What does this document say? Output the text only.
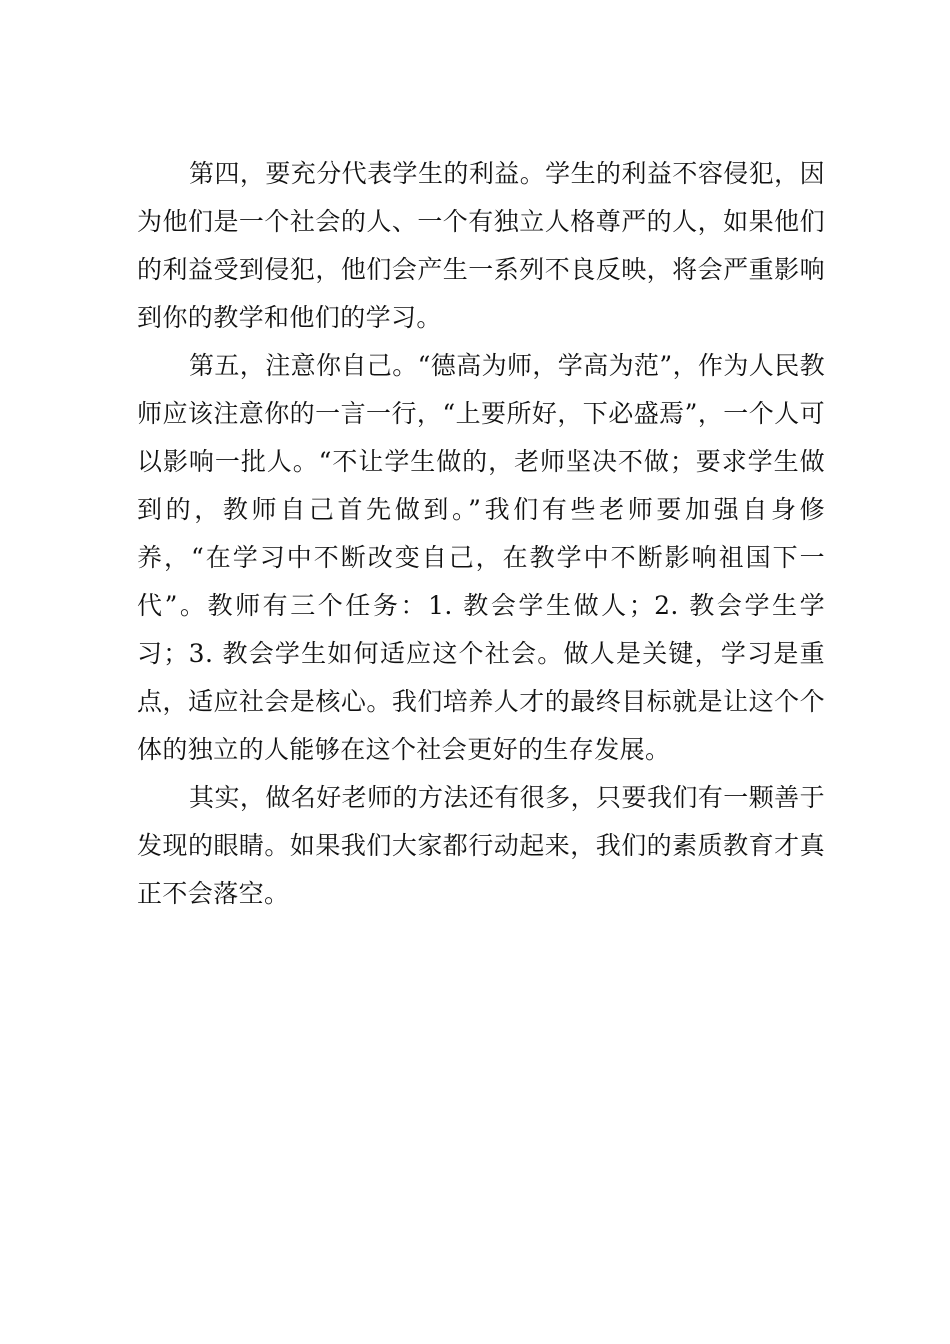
第四，要充分代表学生的利益。学生的利益不容侵犯，因为他们是一个社会的人、一个有独立人格尊严的人，如果他们的利益受到侵犯，他们会产生一系列不良反映，将会严重影响到你的教学和他们的学习。

第五，注意你自己。“德高为师，学高为范”，作为人民教师应该注意你的一言一行，“上要所好，下必盛焉”，一个人可以影响一批人。“不让学生做的，老师坚决不做；要求学生做到的，教师自己首先做到。”我们有些老师要加强自身修养，“在学习中不断改变自己，在教学中不断影响祖国下一代”。教师有三个任务：1. 教会学生做人；2. 教会学生学习；3. 教会学生如何适应这个社会。做人是关键，学习是重点，适应社会是核心。我们培养人才的最终目标就是让这个个体的独立的人能够在这个社会更好的生存发展。

其实，做名好老师的方法还有很多，只要我们有一颗善于发现的眼睛。如果我们大家都行动起来，我们的素质教育才真正不会落空。
